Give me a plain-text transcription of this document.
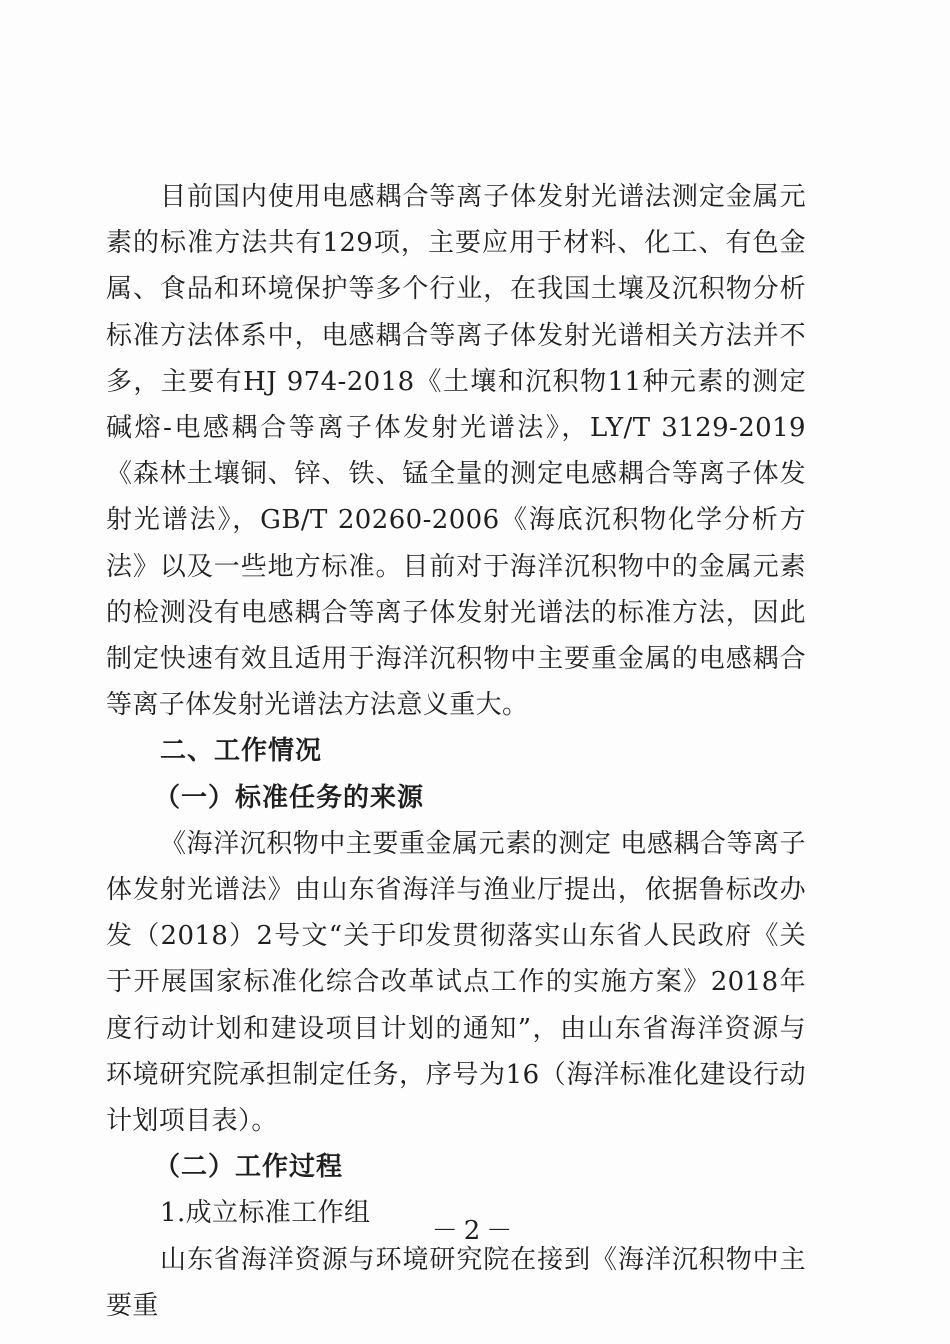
目前国内使用电感耦合等离子体发射光谱法测定金属元素的标准方法共有129项，主要应用于材料、化工、有色金属、食品和环境保护等多个行业，在我国土壤及沉积物分析标准方法体系中，电感耦合等离子体发射光谱相关方法并不多，主要有HJ 974-2018《土壤和沉积物11种元素的测定 碱熔-电感耦合等离子体发射光谱法》，LY/T 3129-2019《森林土壤铜、锌、铁、锰全量的测定电感耦合等离子体发射光谱法》，GB/T 20260-2006《海底沉积物化学分析方法》以及一些地方标准。目前对于海洋沉积物中的金属元素的检测没有电感耦合等离子体发射光谱法的标准方法，因此制定快速有效且适用于海洋沉积物中主要重金属的电感耦合等离子体发射光谱法方法意义重大。

二、工作情况
（一）标准任务的来源

《海洋沉积物中主要重金属元素的测定 电感耦合等离子体发射光谱法》由山东省海洋与渔业厅提出，依据鲁标改办发（2018）2号文“关于印发贯彻落实山东省人民政府《关于开展国家标准化综合改革试点工作的实施方案》2018年度行动计划和建设项目计划的通知”，由山东省海洋资源与环境研究院承担制定任务，序号为16（海洋标准化建设行动计划项目表）。

（二）工作过程

1.成立标准工作组

山东省海洋资源与环境研究院在接到《海洋沉积物中主要重

－2－
